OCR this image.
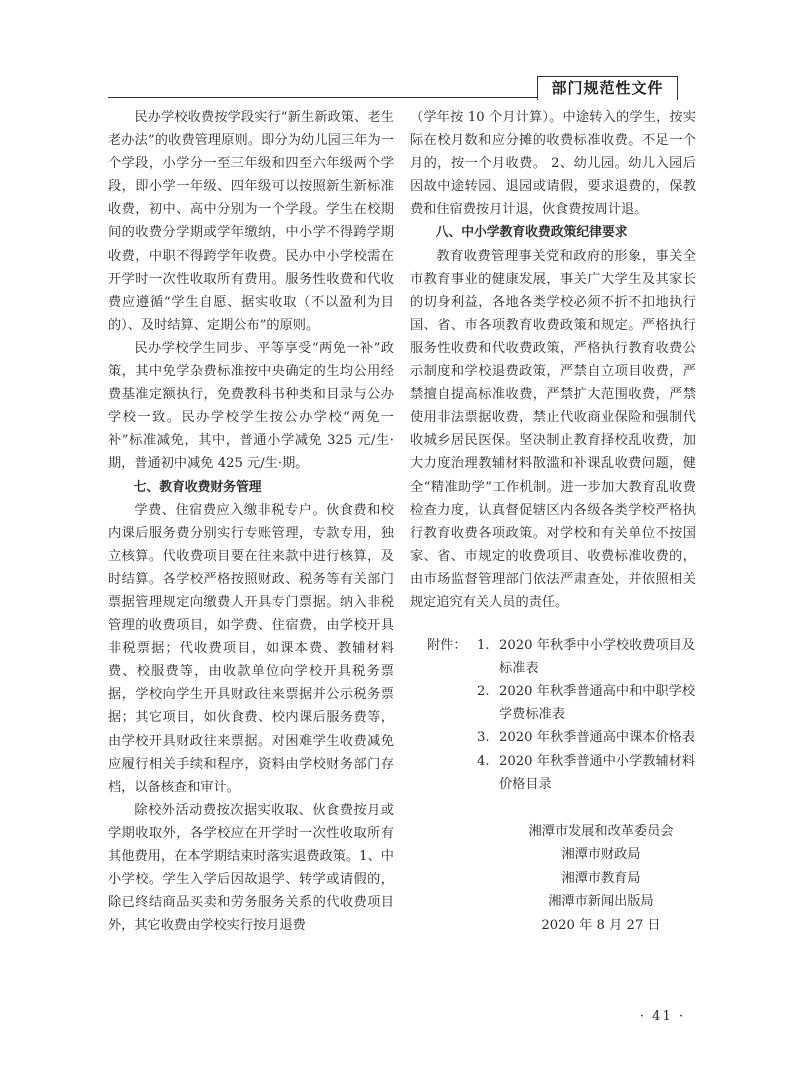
部门规范性文件

民办学校收费按学段实行“新生新政策、老生老办法”的收费管理原则。即分为幼儿园三年为一个学段，小学分一至三年级和四至六年级两个学段，即小学一年级、四年级可以按照新生新标准收费，初中、高中分别为一个学段。学生在校期间的收费分学期或学年缴纳，中小学不得跨学期收费，中职不得跨学年收费。民办中小学校需在开学时一次性收取所有费用。服务性收费和代收费应遵循“学生自愿、据实收取（不以盈利为目的）、及时结算、定期公布”的原则。

民办学校学生同步、平等享受“两免一补”政策，其中免学杂费标准按中央确定的生均公用经费基准定额执行，免费教科书种类和目录与公办学校一致。民办学校学生按公办学校“两免一补”标准减免，其中，普通小学减免 325 元/生·期，普通初中减免 425 元/生·期。

七、教育收费财务管理

学费、住宿费应入缴非税专户。伙食费和校内课后服务费分别实行专账管理，专款专用，独立核算。代收费项目要在往来款中进行核算，及时结算。各学校严格按照财政、税务等有关部门票据管理规定向缴费人开具专门票据。纳入非税管理的收费项目，如学费、住宿费，由学校开具非税票据；代收费项目，如课本费、教辅材料费、校服费等，由收款单位向学校开具税务票据，学校向学生开具财政往来票据并公示税务票据；其它项目，如伙食费、校内课后服务费等，由学校开具财政往来票据。对困难学生收费减免应履行相关手续和程序，资料由学校财务部门存档，以备核查和审计。

除校外活动费按次据实收取、伙食费按月或学期收取外，各学校应在开学时一次性收取所有其他费用，在本学期结束时落实退费政策。1、中小学校。学生入学后因故退学、转学或请假的，除已终结商品买卖和劳务服务关系的代收费项目外，其它收费由学校实行按月退费

（学年按 10 个月计算）。中途转入的学生，按实际在校月数和应分摊的收费标准收费。不足一个月的，按一个月收费。 2、幼儿园。幼儿入园后因故中途转园、退园或请假，要求退费的，保教费和住宿费按月计退，伙食费按周计退。

八、中小学教育收费政策纪律要求

教育收费管理事关党和政府的形象，事关全市教育事业的健康发展，事关广大学生及其家长的切身利益，各地各类学校必须不折不扣地执行国、省、市各项教育收费政策和规定。严格执行服务性收费和代收费政策，严格执行教育收费公示制度和学校退费政策，严禁自立项目收费，严禁擅自提高标准收费，严禁扩大范围收费，严禁使用非法票据收费，禁止代收商业保险和强制代收城乡居民医保。坚决制止教育择校乱收费，加大力度治理教辅材料散滥和补课乱收费问题，健全“精准助学”工作机制。进一步加大教育乱收费检查力度，认真督促辖区内各级各类学校严格执行教育收费各项政策。对学校和有关单位不按国家、省、市规定的收费项目、收费标准收费的，由市场监督管理部门依法严肃查处，并依照相关规定追究有关人员的责任。

附件： 1. 2020 年秋季中小学校收费项目及标准表
2. 2020 年秋季普通高中和中职学校学费标准表
3. 2020 年秋季普通高中课本价格表
4. 2020 年秋季普通中小学教辅材料价格目录
湘潭市发展和改革委员会
湘潭市财政局
湘潭市教育局
湘潭市新闻出版局
2020 年 8 月 27 日
· 41 ·
